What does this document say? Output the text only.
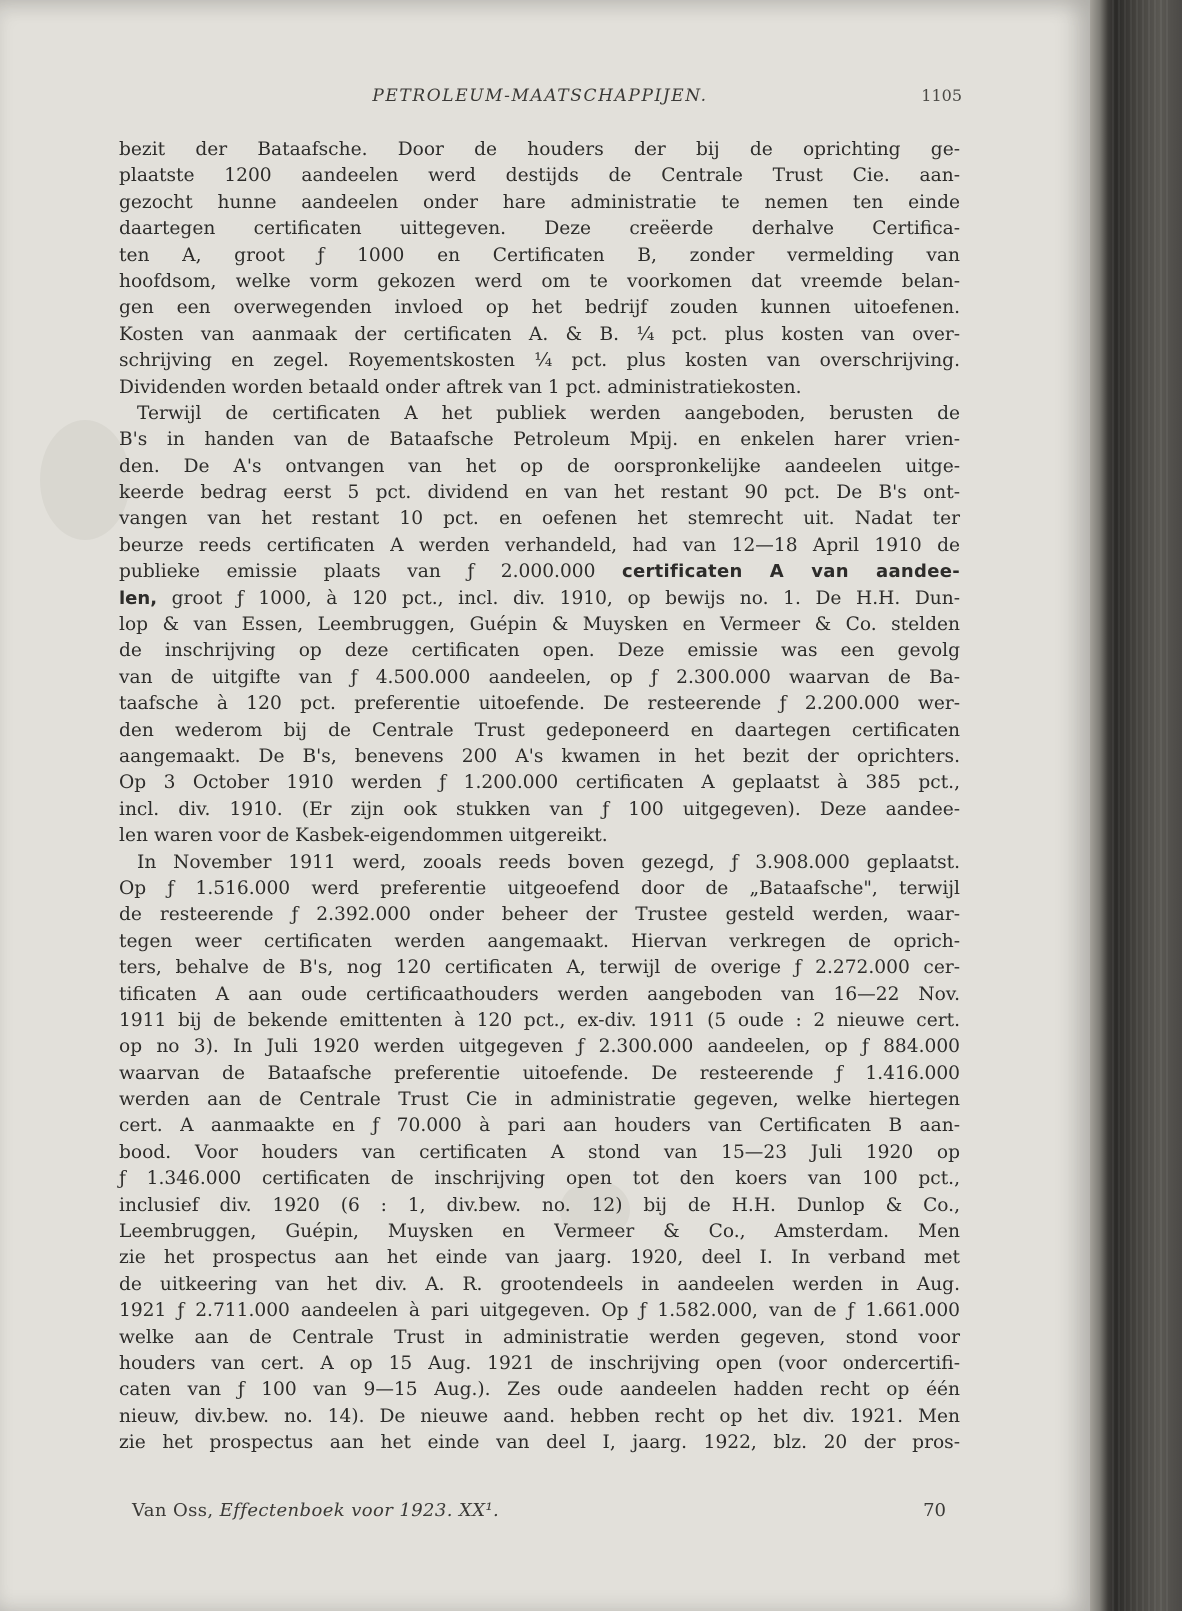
PETROLEUM-MAATSCHAPPIJEN.	1105
bezit der Bataafsche. Door de houders der bij de oprichting ge-
plaatste 1200 aandeelen werd destijds de Centrale Trust Cie. aan-
gezocht hunne aandeelen onder hare administratie te nemen ten einde
daartegen certificaten uittegeven. Deze creëerde derhalve Certifica-
ten A, groot ƒ 1000 en Certificaten B, zonder vermelding van
hoofdsom, welke vorm gekozen werd om te voorkomen dat vreemde belan-
gen een overwegenden invloed op het bedrijf zouden kunnen uitoefenen.
Kosten van aanmaak der certificaten A. & B. ¼ pct. plus kosten van over-
schrijving en zegel. Royementskosten ¼ pct. plus kosten van overschrijving.
Dividenden worden betaald onder aftrek van 1 pct. administratiekosten.
Terwijl de certificaten A het publiek werden aangeboden, berusten de
B's in handen van de Bataafsche Petroleum Mpij. en enkelen harer vrien-
den. De A's ontvangen van het op de oorspronkelijke aandeelen uitge-
keerde bedrag eerst 5 pct. dividend en van het restant 90 pct. De B's ont-
vangen van het restant 10 pct. en oefenen het stemrecht uit. Nadat ter
beurze reeds certificaten A werden verhandeld, had van 12—18 April 1910 de
publieke emissie plaats van ƒ 2.000.000 certificaten A van aandee-
len, groot ƒ 1000, à 120 pct., incl. div. 1910, op bewijs no. 1. De H.H. Dun-
lop & van Essen, Leembruggen, Guépin & Muysken en Vermeer & Co. stelden
de inschrijving op deze certificaten open. Deze emissie was een gevolg
van de uitgifte van ƒ 4.500.000 aandeelen, op ƒ 2.300.000 waarvan de Ba-
taafsche à 120 pct. preferentie uitoefende. De resteerende ƒ 2.200.000 wer-
den wederom bij de Centrale Trust gedeponeerd en daartegen certificaten
aangemaakt. De B's, benevens 200 A's kwamen in het bezit der oprichters.
Op 3 October 1910 werden ƒ 1.200.000 certificaten A geplaatst à 385 pct.,
incl. div. 1910. (Er zijn ook stukken van ƒ 100 uitgegeven). Deze aandee-
len waren voor de Kasbek-eigendommen uitgereikt.
In November 1911 werd, zooals reeds boven gezegd, ƒ 3.908.000 geplaatst.
Op ƒ 1.516.000 werd preferentie uitgeoefend door de „Bataafsche", terwijl
de resteerende ƒ 2.392.000 onder beheer der Trustee gesteld werden, waar-
tegen weer certificaten werden aangemaakt. Hiervan verkregen de oprich-
ters, behalve de B's, nog 120 certificaten A, terwijl de overige ƒ 2.272.000 cer-
tificaten A aan oude certificaathouders werden aangeboden van 16—22 Nov.
1911 bij de bekende emittenten à 120 pct., ex-div. 1911 (5 oude : 2 nieuwe cert.
op no 3). In Juli 1920 werden uitgegeven ƒ 2.300.000 aandeelen, op ƒ 884.000
waarvan de Bataafsche preferentie uitoefende. De resteerende ƒ 1.416.000
werden aan de Centrale Trust Cie in administratie gegeven, welke hiertegen
cert. A aanmaakte en ƒ 70.000 à pari aan houders van Certificaten B aan-
bood. Voor houders van certificaten A stond van 15—23 Juli 1920 op
ƒ 1.346.000 certificaten de inschrijving open tot den koers van 100 pct.,
inclusief div. 1920 (6 : 1, div.bew. no. 12) bij de H.H. Dunlop & Co.,
Leembruggen, Guépin, Muysken en Vermeer & Co., Amsterdam. Men
zie het prospectus aan het einde van jaarg. 1920, deel I. In verband met
de uitkeering van het div. A. R. grootendeels in aandeelen werden in Aug.
1921 ƒ 2.711.000 aandeelen à pari uitgegeven. Op ƒ 1.582.000, van de ƒ 1.661.000
welke aan de Centrale Trust in administratie werden gegeven, stond voor
houders van cert. A op 15 Aug. 1921 de inschrijving open (voor ondercertifi-
caten van ƒ 100 van 9—15 Aug.). Zes oude aandeelen hadden recht op één
nieuw, div.bew. no. 14). De nieuwe aand. hebben recht op het div. 1921. Men
zie het prospectus aan het einde van deel I, jaarg. 1922, blz. 20 der pros-
Van Oss, Effectenboek voor 1923. XX¹.	70
